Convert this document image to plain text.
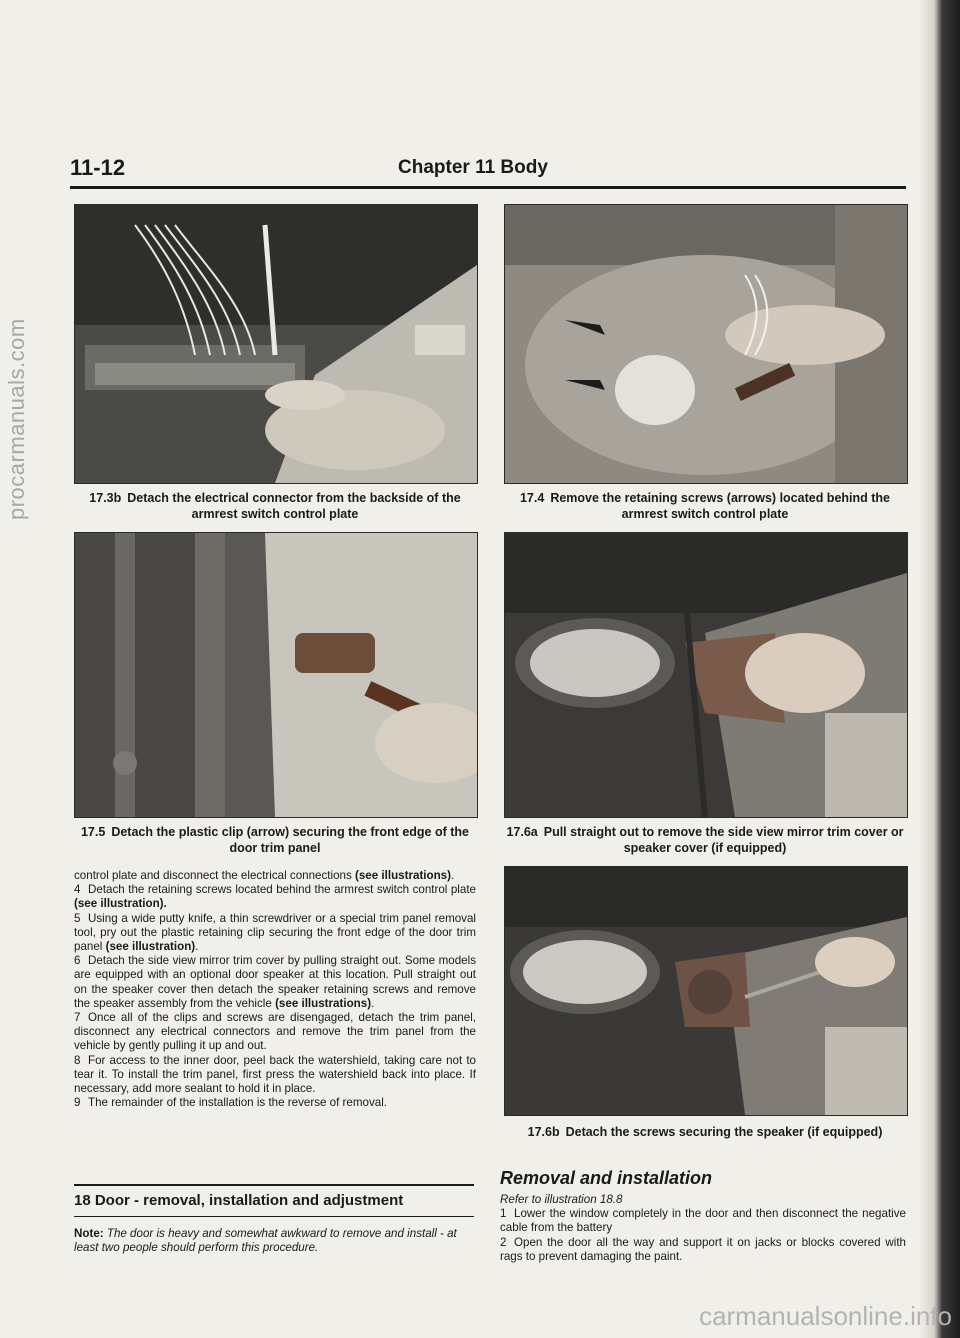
procarmanuals.com
11-12	Chapter 11 Body
17.3b Detach the electrical connector from the backside of the armrest switch control plate
17.4 Remove the retaining screws (arrows) located behind the armrest switch control plate
17.5 Detach the plastic clip (arrow) securing the front edge of the door trim panel
17.6a Pull straight out to remove the side view mirror trim cover or speaker cover (if equipped)
17.6b Detach the screws securing the speaker (if equipped)

control plate and disconnect the electrical connections (see illustrations).

4 Detach the retaining screws located behind the armrest switch control plate (see illustration).

5 Using a wide putty knife, a thin screwdriver or a special trim panel removal tool, pry out the plastic retaining clip securing the front edge of the door trim panel (see illustration).

6 Detach the side view mirror trim cover by pulling straight out. Some models are equipped with an optional door speaker at this location. Pull straight out on the speaker cover then detach the speaker retaining screws and remove the speaker assembly from the vehicle (see illustrations).

7 Once all of the clips and screws are disengaged, detach the trim panel, disconnect any electrical connectors and remove the trim panel from the vehicle by gently pulling it up and out.

8 For access to the inner door, peel back the watershield, taking care not to tear it. To install the trim panel, first press the watershield back into place. If necessary, add more sealant to hold it in place.

9 The remainder of the installation is the reverse of removal.

18 Door - removal, installation and adjustment
Note: The door is heavy and somewhat awkward to remove and install - at least two people should perform this procedure.
Removal and installation

Refer to illustration 18.8

1 Lower the window completely in the door and then disconnect the negative cable from the battery

2 Open the door all the way and support it on jacks or blocks covered with rags to prevent damaging the paint.

carmanualsonline.info
